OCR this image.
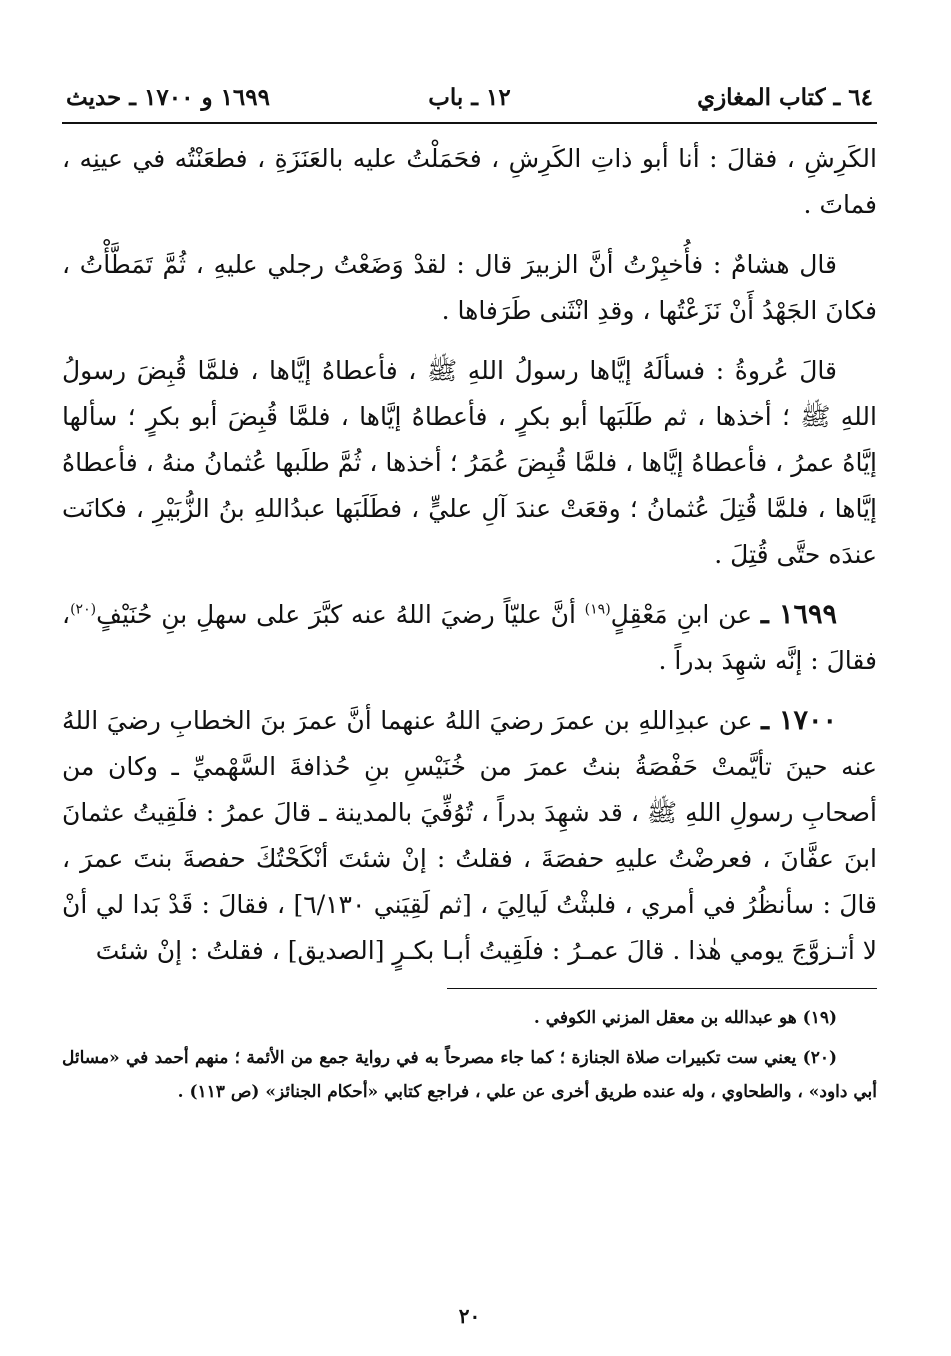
٦٤ ـ كتاب المغازي
١٢ ـ باب
١٦٩٩ و ١٧٠٠ ـ حديث

الكَرِشِ ، فقالَ : أنا أبو ذاتِ الكَرِشِ ، فحَمَلْتُ عليه بالعَنَزَةِ ، فطعَنْتُه في عينِه ، فماتَ .

قال هشامٌ : فأُخبِرْتُ أنَّ الزبيرَ قال : لقدْ وَضَعْتُ رجلي عليهِ ، ثُمَّ تَمَطَّأْتُ ، فكانَ الجَهْدُ أَنْ نَزَعْتُها ، وقدِ انْثَنى طَرَفاها .

قالَ عُروةُ : فسألَهُ إيَّاها رسولُ اللهِ ﷺ ، فأعطاهُ إيَّاها ، فلمَّا قُبِضَ رسولُ اللهِ ﷺ ؛ أخذها ، ثم طَلَبَها أبو بكرٍ ، فأعطاهُ إيَّاها ، فلمَّا قُبِضَ أبو بكرٍ ؛ سألها إيَّاهُ عمرُ ، فأعطاهُ إيَّاها ، فلمَّا قُبِضَ عُمَرُ ؛ أخذها ، ثُمَّ طلَبها عُثمانُ منهُ ، فأعطاهُ إيَّاها ، فلمَّا قُتِلَ عُثمانُ ؛ وقعَتْ عندَ آلِ عليٍّ ، فطَلَبَها عبدُاللهِ بنُ الزُّبَيْرِ ، فكانَت عندَه حتَّى قُتِلَ .

١٦٩٩ ـ عن ابنِ مَعْقِلٍ$^{(١٩)}$ أنَّ عليّاً رضيَ اللهُ عنه كبَّرَ على سهلِ بنِ حُنَيْفٍ$^{(٢٠)}$، فقالَ : إنَّه شهِدَ بدراً .

١٧٠٠ ـ عن عبدِاللهِ بن عمرَ رضيَ اللهُ عنهما أنَّ عمرَ بنَ الخطابِ رضيَ اللهُ عنه حينَ تأيَّمتْ حَفْصَةُ بنتُ عمرَ من خُنَيْسِ بنِ حُذافةَ السَّهْميِّ ـ وكان من أصحابِ رسولِ اللهِ ﷺ ، قد شهِدَ بدراً ، تُوُفِّيَ بالمدينة ـ قالَ عمرُ : فلَقِيتُ عثمانَ ابنَ عفَّانَ ، فعرضْتُ عليهِ حفصَةَ ، فقلتُ : إنْ شئتَ أنْكَحْتُكَ حفصةَ بنتَ عمرَ ، قالَ : سأنظُرُ في أمري ، فلبثْتُ لَيالِيَ ، [ثم لَقِيَني ٦/١٣٠] ، فقالَ : قَدْ بَدا لي أنْ لا أتـزوَّجَ يومي هٰذا . قالَ عمـرُ : فلَقِيتُ أبـا بكـرٍ [الصديق] ، فقلتُ : إنْ شئتَ

(١٩) هو عبدالله بن معقل المزني الكوفي .

(٢٠) يعني ست تكبيرات صلاة الجنازة ؛ كما جاء مصرحاً به في رواية جمع من الأئمة ؛ منهم أحمد في «مسائل أبي داود» ، والطحاوي ، وله عنده طريق أخرى عن علي ، فراجع كتابي «أحكام الجنائز» (ص ١١٣) .

٢٠
